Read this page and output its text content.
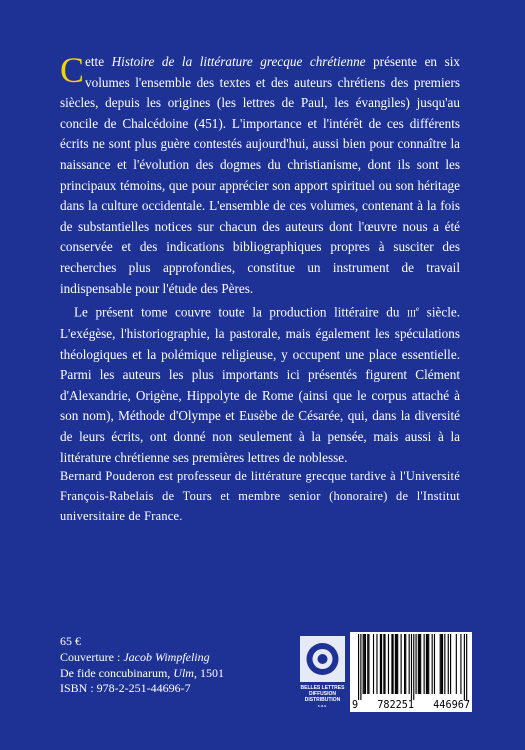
Cette Histoire de la littérature grecque chrétienne présente en six volumes l'ensemble des textes et des auteurs chrétiens des premiers siècles, depuis les origines (les lettres de Paul, les évangiles) jusqu'au concile de Chalcédoine (451). L'importance et l'intérêt de ces différents écrits ne sont plus guère contestés aujourd'hui, aussi bien pour connaître la naissance et l'évolution des dogmes du christianisme, dont ils sont les principaux témoins, que pour apprécier son apport spirituel ou son héritage dans la culture occidentale. L'ensemble de ces volumes, contenant à la fois de substantielles notices sur chacun des auteurs dont l'œuvre nous a été conservée et des indications bibliographiques propres à susciter des recherches plus approfondies, constitue un instrument de travail indispensable pour l'étude des Pères.

Le présent tome couvre toute la production littéraire du IIIe siècle. L'exégèse, l'historiographie, la pastorale, mais également les spéculations théologiques et la polémique religieuse, y occupent une place essentielle. Parmi les auteurs les plus importants ici présentés figurent Clément d'Alexandrie, Origène, Hippolyte de Rome (ainsi que le corpus attaché à son nom), Méthode d'Olympe et Eusèbe de Césarée, qui, dans la diversité de leurs écrits, ont donné non seulement à la pensée, mais aussi à la littérature chrétienne ses premières lettres de noblesse.

Bernard Pouderon est professeur de littérature grecque tardive à l'Université François-Rabelais de Tours et membre senior (honoraire) de l'Institut universitaire de France.
65 €
Couverture : Jacob Wimpfeling
De fide concubinarum, Ulm, 1501
ISBN : 978-2-251-44696-7	BELLES LETTRES
DIFFUSION
DISTRIBUTION
s.a.s. 9 782251 446967
